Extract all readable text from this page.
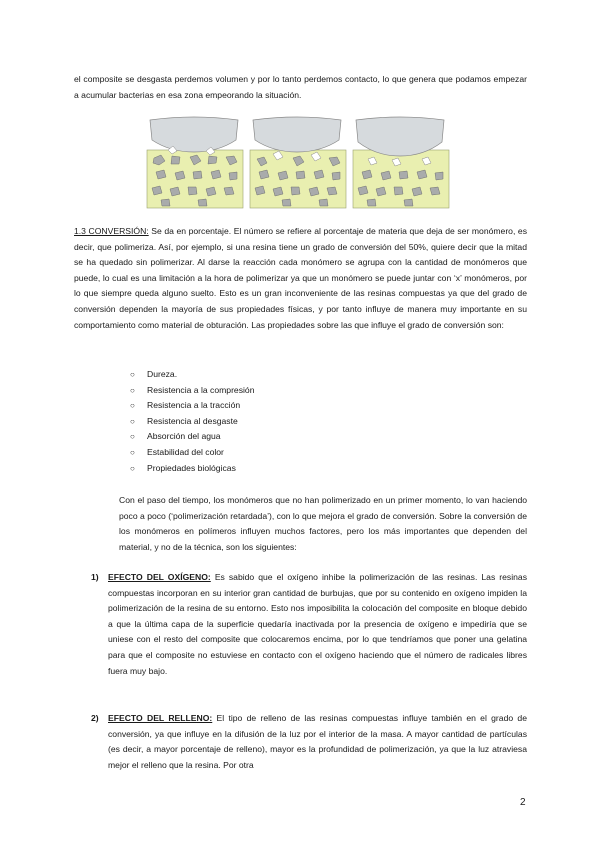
el composite se desgasta perdemos volumen y por lo tanto perdemos contacto, lo que genera que podamos empezar a acumular bacterias en esa zona empeorando la situación.

1.3 CONVERSIÓN: Se da en porcentaje. El número se refiere al porcentaje de materia que deja de ser monómero, es decir, que polimeriza. Así, por ejemplo, si una resina tiene un grado de conversión del 50%, quiere decir que la mitad se ha quedado sin polimerizar. Al darse la reacción cada monómero se agrupa con la cantidad de monómeros que puede, lo cual es una limitación a la hora de polimerizar ya que un monómero se puede juntar con ‘x’ monómeros, por lo que siempre queda alguno suelto. Esto es un gran inconveniente de las resinas compuestas ya que del grado de conversión dependen la mayoría de sus propiedades físicas, y por tanto influye de manera muy importante en su comportamiento como material de obturación. Las propiedades sobre las que influye el grado de conversión son:

○ Dureza.
○ Resistencia a la compresión
○ Resistencia a la tracción
○ Resistencia al desgaste
○ Absorción del agua
○ Estabilidad del color
○ Propiedades biológicas

Con el paso del tiempo, los monómeros que no han polimerizado en un primer momento, lo van haciendo poco a poco (‘polimerización retardada’), con lo que mejora el grado de conversión. Sobre la conversión de los monómeros en polímeros influyen muchos factores, pero los más importantes que dependen del material, y no de la técnica, son los siguientes:

1) EFECTO DEL OXÍGENO: Es sabido que el oxígeno inhibe la polimerización de las resinas. Las resinas compuestas incorporan en su interior gran cantidad de burbujas, que por su contenido en oxígeno impiden la polimerización de la resina de su entorno. Esto nos imposibilita la colocación del composite en bloque debido a que la última capa de la superficie quedaría inactivada por la presencia de oxígeno e impediría que se uniese con el resto del composite que colocaremos encima, por lo que tendríamos que poner una gelatina para que el composite no estuviese en contacto con el oxígeno haciendo que el número de radicales libres fuera muy bajo.

2) EFECTO DEL RELLENO: El tipo de relleno de las resinas compuestas influye también en el grado de conversión, ya que influye en la difusión de la luz por el interior de la masa. A mayor cantidad de partículas (es decir, a mayor porcentaje de relleno), mayor es la profundidad de polimerización, ya que la luz atraviesa mejor el relleno que la resina. Por otra

2
